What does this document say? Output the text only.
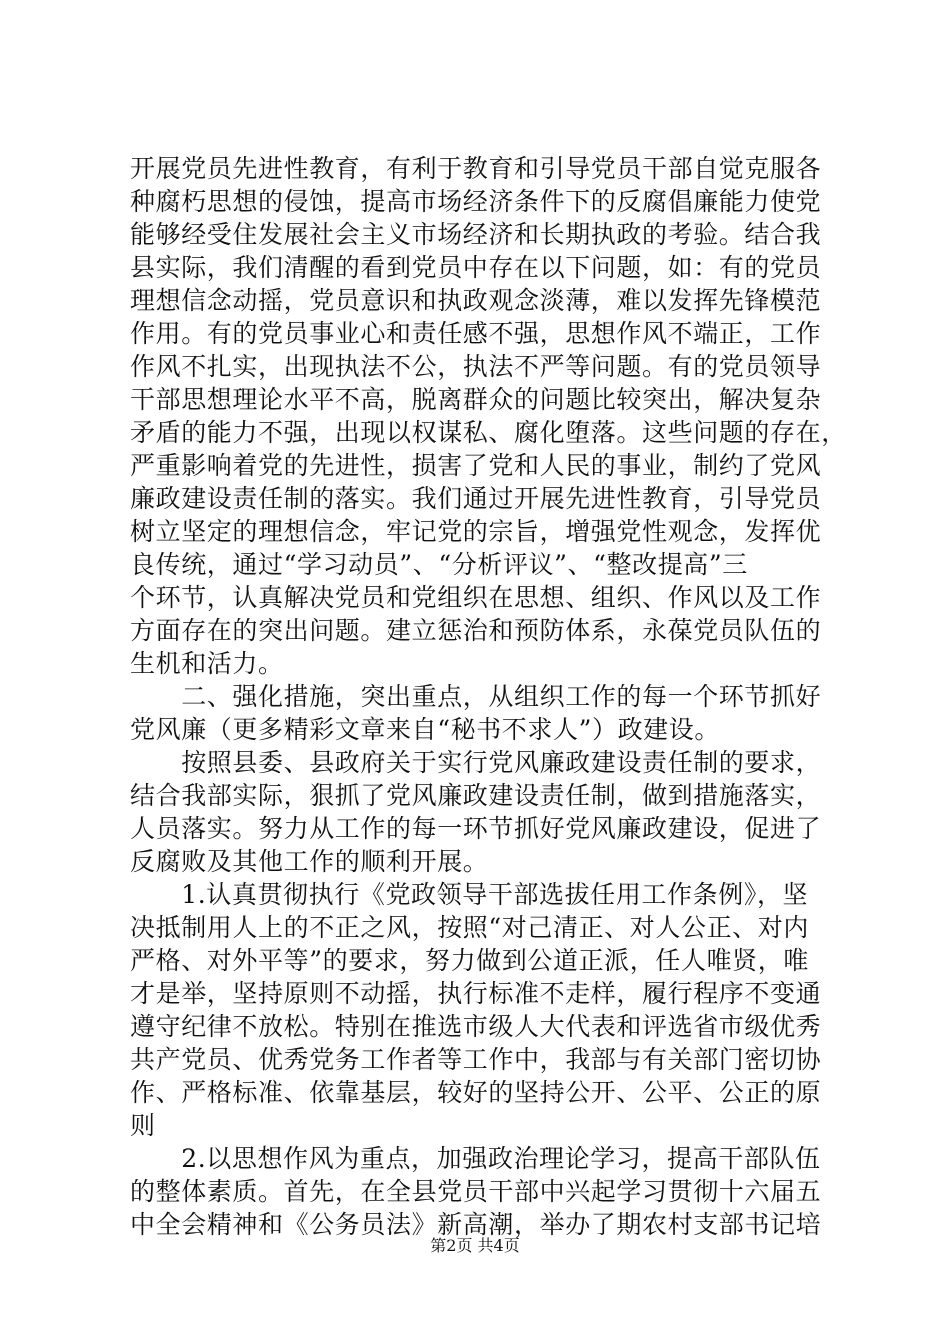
开展党员先进性教育，有利于教育和引导党员干部自觉克服各
种腐朽思想的侵蚀，提高市场经济条件下的反腐倡廉能力使党
能够经受住发展社会主义市场经济和长期执政的考验。结合我
县实际，我们清醒的看到党员中存在以下问题，如：有的党员
理想信念动摇，党员意识和执政观念淡薄，难以发挥先锋模范
作用。有的党员事业心和责任感不强，思想作风不端正，工作
作风不扎实，出现执法不公，执法不严等问题。有的党员领导
干部思想理论水平不高，脱离群众的问题比较突出，解决复杂
矛盾的能力不强，出现以权谋私、腐化堕落。这些问题的存在，
严重影响着党的先进性，损害了党和人民的事业，制约了党风
廉政建设责任制的落实。我们通过开展先进性教育，引导党员
树立坚定的理想信念，牢记党的宗旨，增强党性观念，发挥优
良传统，通过“学习动员”、“分析评议”、“整改提高”三
个环节，认真解决党员和党组织在思想、组织、作风以及工作
方面存在的突出问题。建立惩治和预防体系，永葆党员队伍的
生机和活力。
　　二、强化措施，突出重点，从组织工作的每一个环节抓好
党风廉（更多精彩文章来自“秘书不求人”）政建设。
　　按照县委、县政府关于实行党风廉政建设责任制的要求，
结合我部实际，狠抓了党风廉政建设责任制，做到措施落实，
人员落实。努力从工作的每一环节抓好党风廉政建设，促进了
反腐败及其他工作的顺利开展。
　　1.认真贯彻执行《党政领导干部选拔任用工作条例》，坚
决抵制用人上的不正之风，按照“对己清正、对人公正、对内
严格、对外平等”的要求，努力做到公道正派，任人唯贤，唯
才是举，坚持原则不动摇，执行标准不走样，履行程序不变通
遵守纪律不放松。特别在推选市级人大代表和评选省市级优秀
共产党员、优秀党务工作者等工作中，我部与有关部门密切协
作、严格标准、依靠基层，较好的坚持公开、公平、公正的原
则
　　2.以思想作风为重点，加强政治理论学习，提高干部队伍
的整体素质。首先，在全县党员干部中兴起学习贯彻十六届五
中全会精神和《公务员法》新高潮，举办了期农村支部书记培
第2页 共4页
